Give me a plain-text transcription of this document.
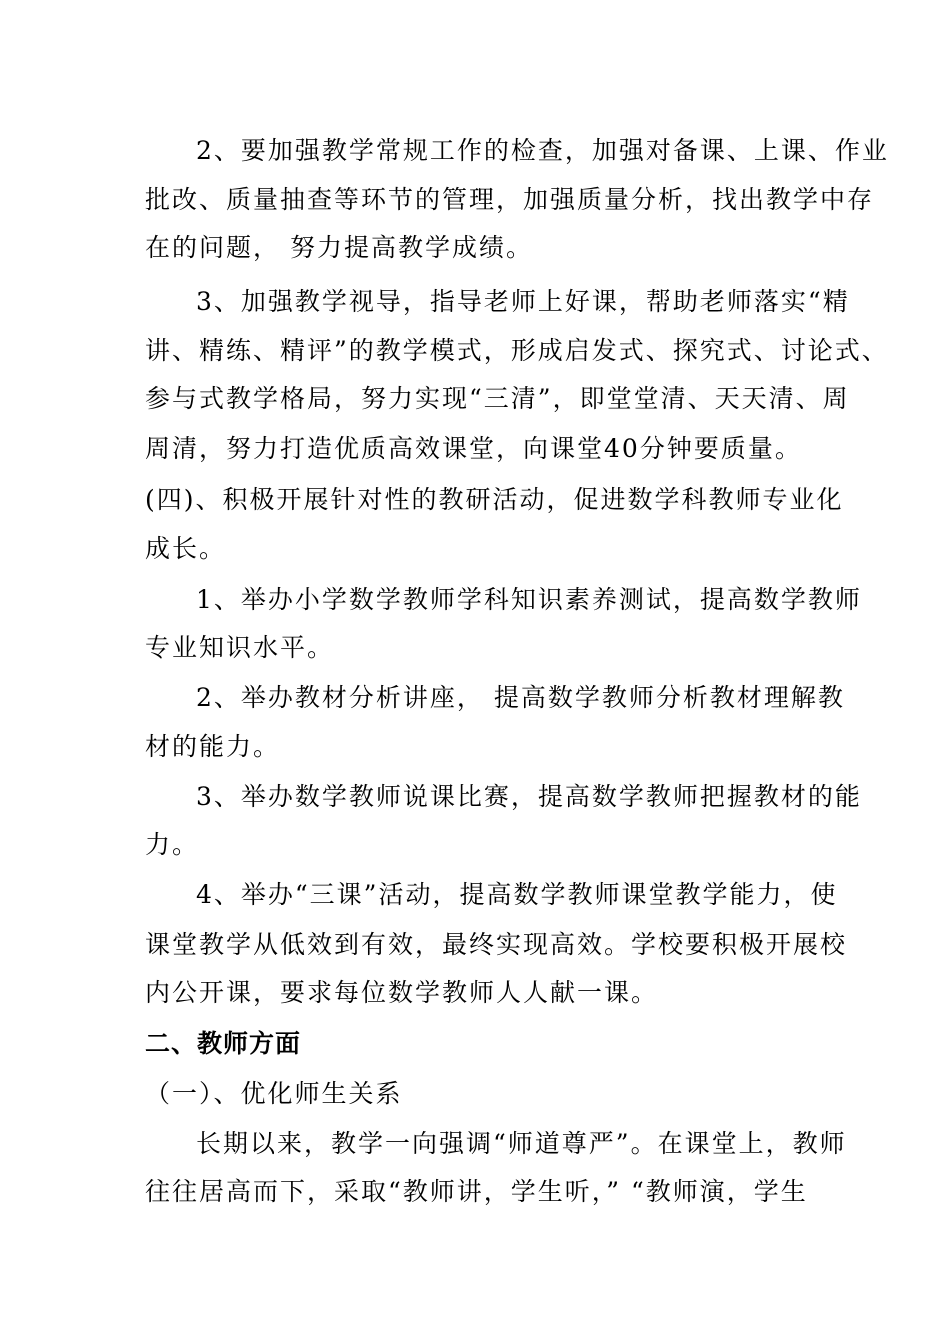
2、要加强教学常规工作的检查，加强对备课、上课、作业
批改、质量抽查等环节的管理，加强质量分析，找出教学中存
在的问题， 努力提高教学成绩。
3、加强教学视导，指导老师上好课，帮助老师落实“精
讲、精练、精评”的教学模式，形成启发式、探究式、讨论式、
参与式教学格局，努力实现“三清”，即堂堂清、天天清、周
周清，努力打造优质高效课堂，向课堂40分钟要质量。
(四)、积极开展针对性的教研活动，促进数学科教师专业化
成长。
1、举办小学数学教师学科知识素养测试，提高数学教师
专业知识水平。
2、举办教材分析讲座， 提高数学教师分析教材理解教
材的能力。
3、举办数学教师说课比赛，提高数学教师把握教材的能
力。
4、举办“三课”活动，提高数学教师课堂教学能力，使
课堂教学从低效到有效，最终实现高效。学校要积极开展校
内公开课，要求每位数学教师人人献一课。
二、教师方面
（一）、优化师生关系
长期以来，教学一向强调“师道尊严”。在课堂上，教师
往往居高而下，采取“教师讲，学生听，” “教师演，学生
